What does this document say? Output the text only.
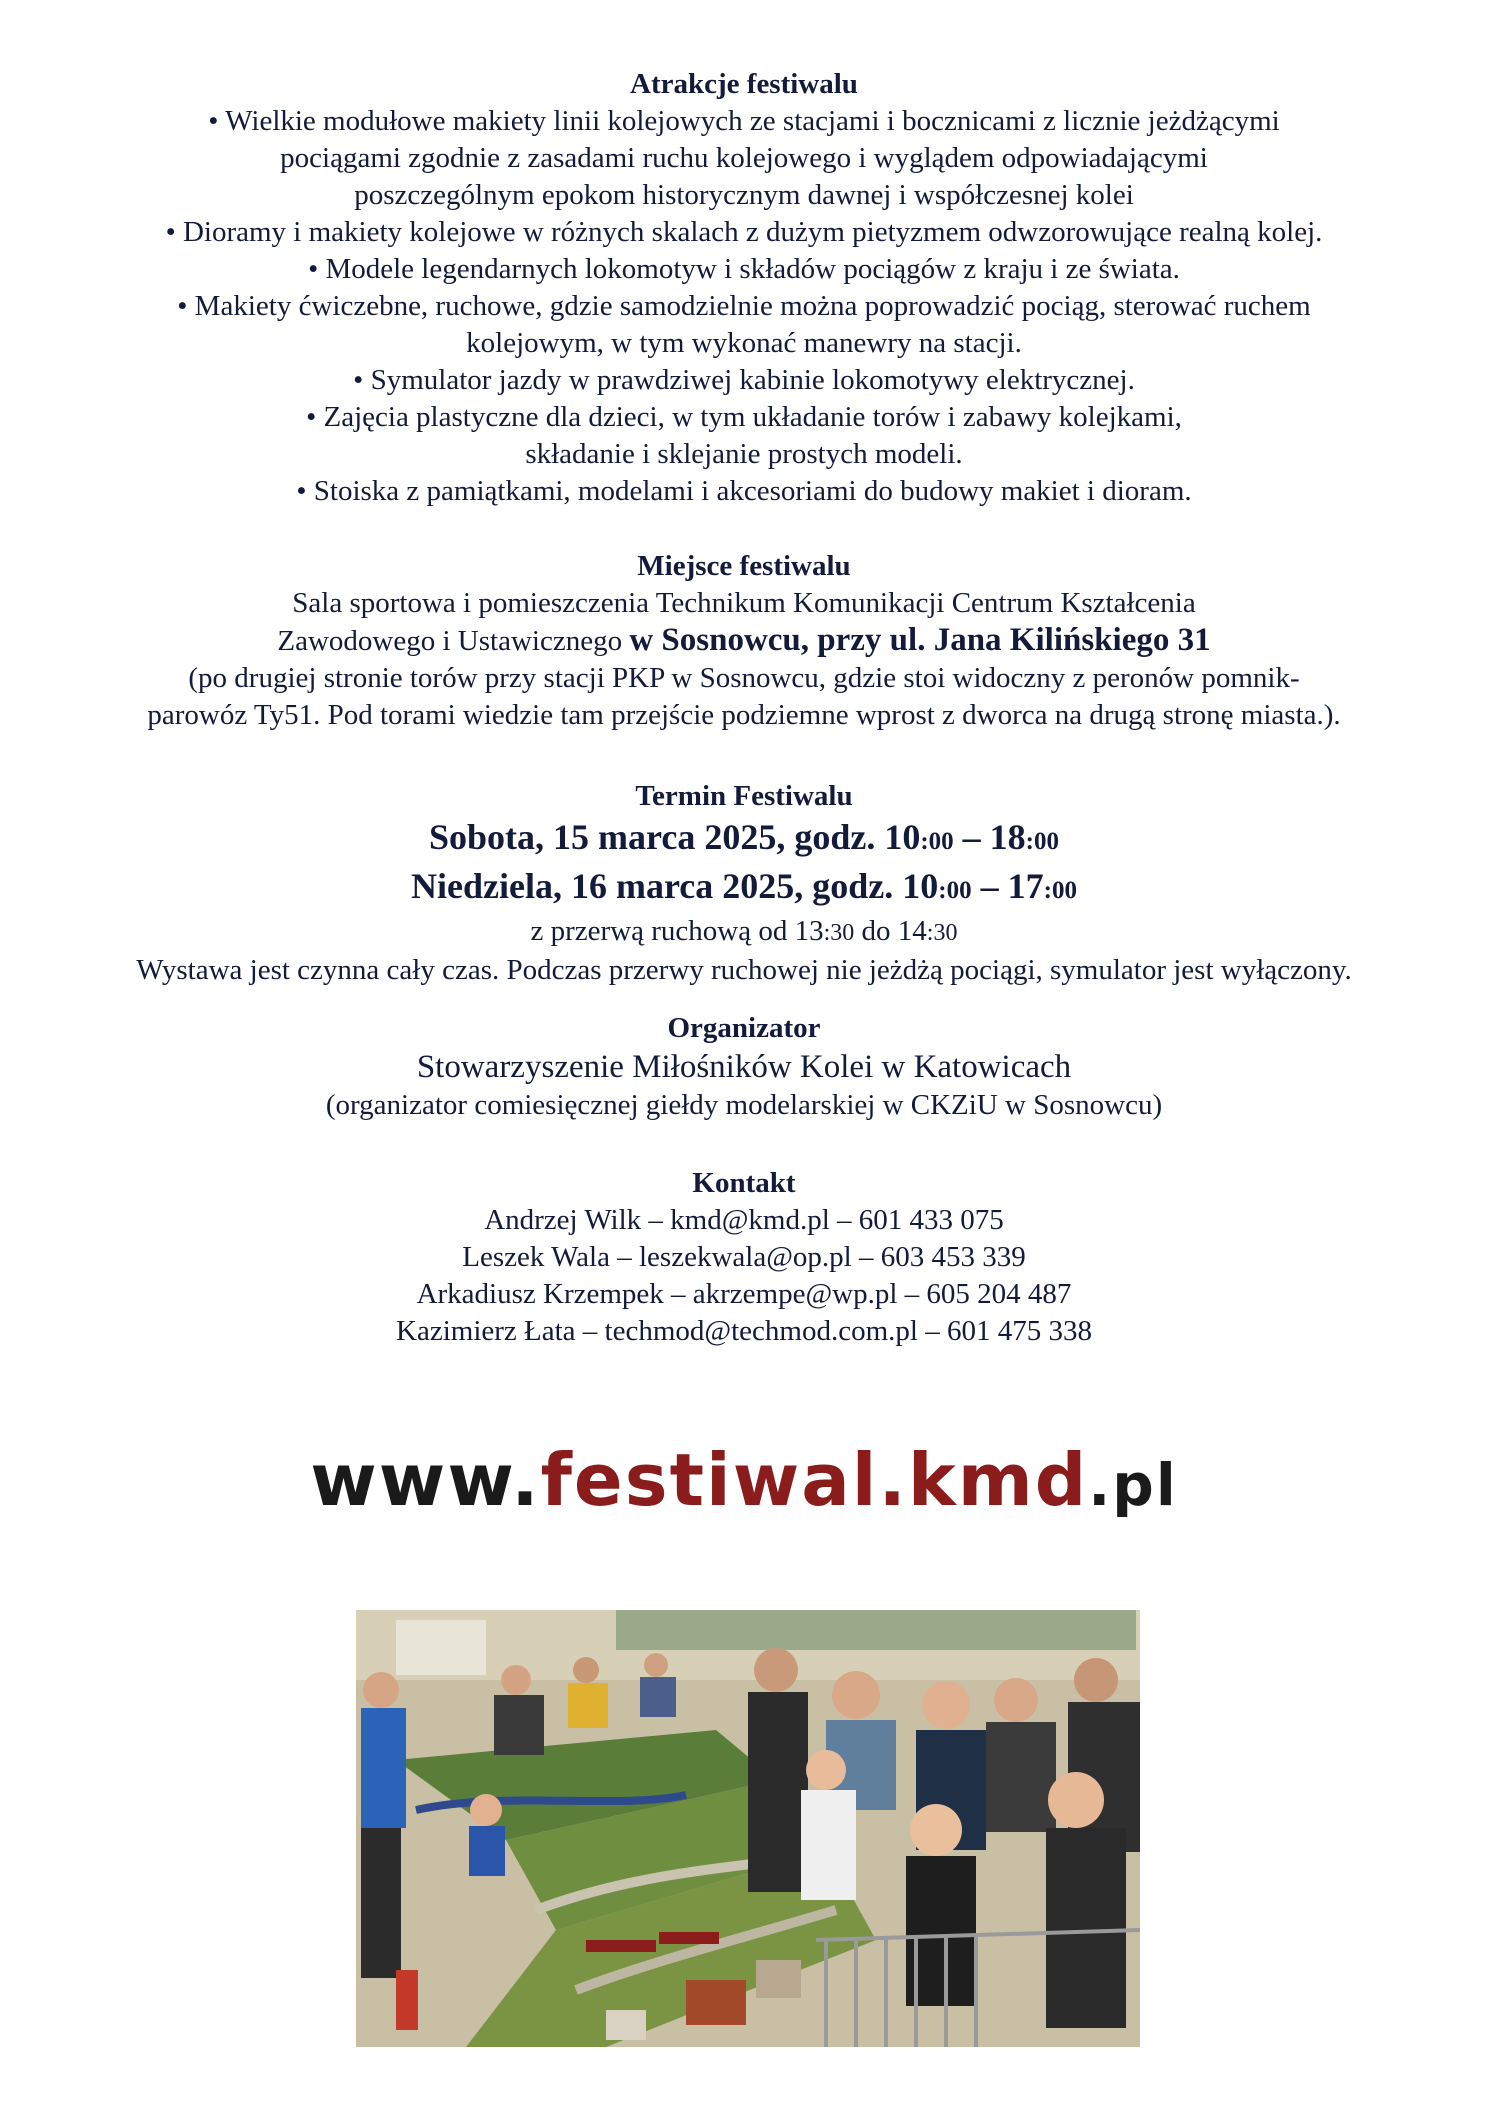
Atrakcje festiwalu
• Wielkie modułowe makiety linii kolejowych ze stacjami i bocznicami z licznie jeżdżącymi
pociągami zgodnie z zasadami ruchu kolejowego i wyglądem odpowiadającymi
poszczególnym epokom historycznym dawnej i współczesnej kolei
• Dioramy i makiety kolejowe w różnych skalach z dużym pietyzmem odwzorowujące realną kolej.
• Modele legendarnych lokomotyw i składów pociągów z kraju i ze świata.
• Makiety ćwiczebne, ruchowe, gdzie samodzielnie można poprowadzić pociąg, sterować ruchem
kolejowym, w tym wykonać manewry na stacji.
• Symulator jazdy w prawdziwej kabinie lokomotywy elektrycznej.
• Zajęcia plastyczne dla dzieci, w tym układanie torów i zabawy kolejkami,
składanie i sklejanie prostych modeli.
• Stoiska z pamiątkami, modelami i akcesoriami do budowy makiet i dioram.
Miejsce festiwalu
Sala sportowa i pomieszczenia Technikum Komunikacji Centrum Kształcenia
Zawodowego i Ustawicznego w Sosnowcu, przy ul. Jana Kilińskiego 31
(po drugiej stronie torów przy stacji PKP w Sosnowcu, gdzie stoi widoczny z peronów pomnik-
parowóz Ty51. Pod torami wiedzie tam przejście podziemne wprost z dworca na drugą stronę miasta.).
Termin Festiwalu
Sobota, 15 marca 2025, godz. 10:00 – 18:00
Niedziela, 16 marca 2025, godz. 10:00 – 17:00
z przerwą ruchową od 13:30 do 14:30
Wystawa jest czynna cały czas. Podczas przerwy ruchowej nie jeżdżą pociągi, symulator jest wyłączony.
Organizator
Stowarzyszenie Miłośników Kolei w Katowicach
(organizator comiesięcznej giełdy modelarskiej w CKZiU w Sosnowcu)
Kontakt
Andrzej Wilk – kmd@kmd.pl – 601 433 075
Leszek Wala – leszekwala@op.pl – 603 453 339
Arkadiusz Krzempek – akrzempe@wp.pl – 605 204 487
Kazimierz Łata – techmod@techmod.com.pl – 601 475 338
www.festiwal.kmd.pl
